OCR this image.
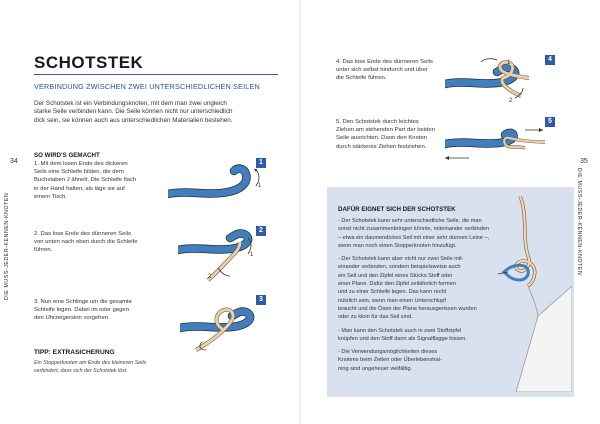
DIE MUSS-JEDER-KENNEN-KNOTEN	DIE MUSS-JEDER-KENNEN-KNOTEN
34	35
SCHOTSTEK
VERBINDUNG ZWISCHEN ZWEI UNTERSCHIEDLICHEN SEILEN
Der Schotstek ist ein Verbindungsknoten, mit dem man zwei ungleich
starke Seile verbinden kann. Die Seile können nicht nur unterschiedlich
dick sein, sie können auch aus unterschiedlichen Materialien bestehen.
SO WIRD'S GEMACHT
1. Mit dem losen Ende des dickeren
Seils eine Schleife bilden, die dem
Buchstaben J ähnelt. Die Schleife flach
in der Hand halten, als läge sie auf
einem Tisch.
1
1
2. Das lose Ende des dünneren Seils
von unten nach oben durch die Schleife
führen.
2
1
2
3. Nun eine Schlinge um die gesamte
Schleife legen. Dabei im oder gegen
den Uhrzeigersinn vorgehen.
3
TIPP: EXTRASICHERUNG
Ein Stopperknoten am Ende des kleineren Seils
verhindert, dass sich der Schotstek löst.
4. Das lose Ende des dünneren Seils
unter sich selbst hindurch und über
die Schleife führen.
4
1
2
5. Den Schotstek durch leichtes
Ziehen am stehenden Part der beiden
Seile ausrichten. Dann den Knoten
durch stärkeres Ziehen festziehen.
5
DAFÜR EIGNET SICH DER SCHOTSTEK

- Der Schotstek kann sehr unterschiedliche Seile, die man
sonst nicht zusammenbringen könnte, miteinander verbinden
– etwa ein daumendickes Seil mit einer sehr dünnen Leine –,
wenn man noch einen Stopperknoten hinzufügt.

- Der Schotstek kann aber nicht nur zwei Seile mit-
einander verbinden, sondern beispielsweise auch
ein Seil und den Zipfel eines Stücks Stoff oder
einer Plane. Dafür den Zipfel seilähnlich formen
und zu einer Schleife legen. Das kann recht
nützlich sein, wenn man einen Unterschlupf
braucht und die Ösen der Plane herausgerissen wurden
oder zu klein für das Seil sind.

- Man kann den Schotstek auch in zwei Stoffzipfel
knüpfen und den Stoff dann als Signalflagge hissen.

- Die Verwendungsmöglichkeiten dieses
Knotens beim Zelten oder Überlebenstrai-
ning sind ungeheuer vielfältig.
